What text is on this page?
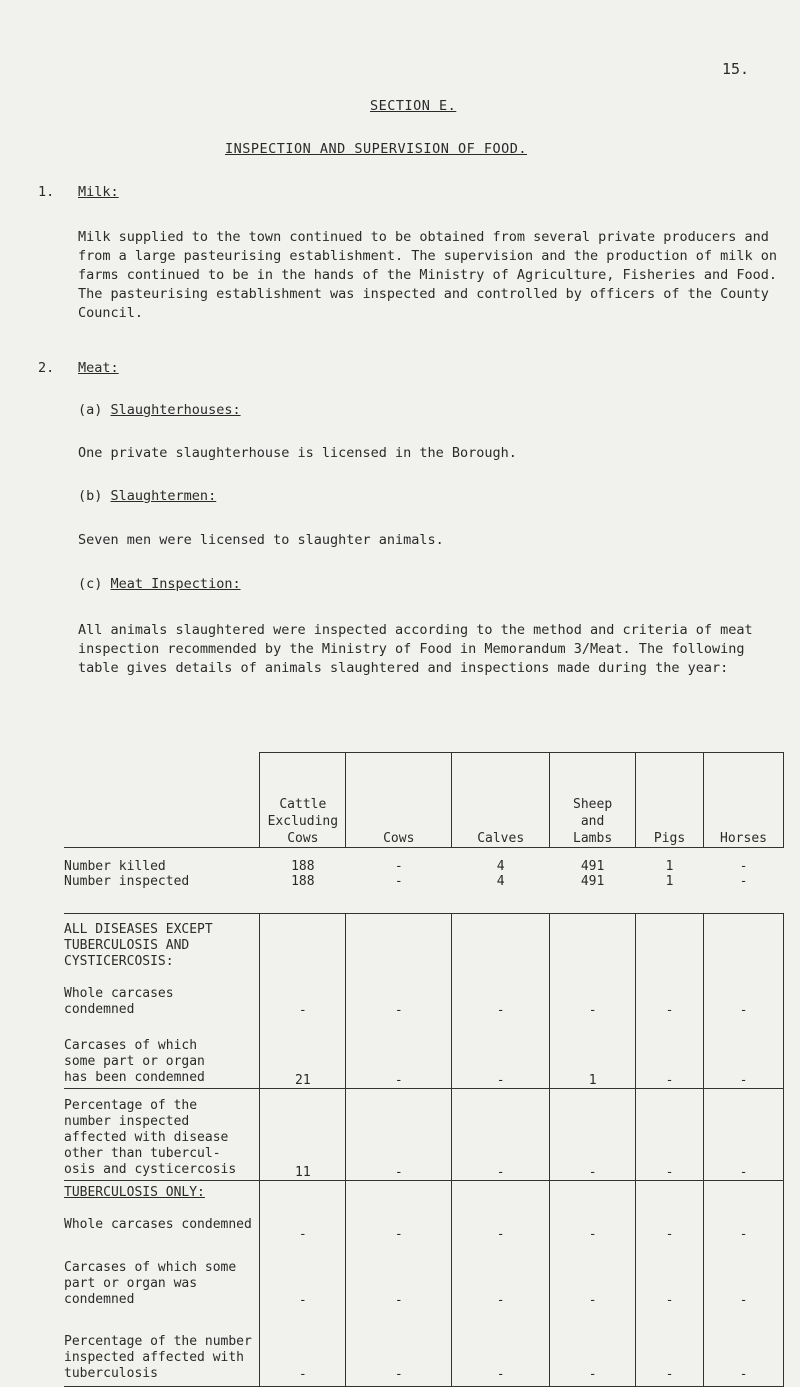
15.
SECTION E.
INSPECTION AND SUPERVISION OF FOOD.
1. Milk:

Milk supplied to the town continued to be obtained from several private producers and from a large pasteurising establishment. The supervision and the production of milk on farms continued to be in the hands of the Ministry of Agriculture, Fisheries and Food. The pasteurising establishment was inspected and controlled by officers of the County Council.

2. Meat:
(a) Slaughterhouses:
One private slaughterhouse is licensed in the Borough.
(b) Slaughtermen:
Seven men were licensed to slaughter animals.
(c) Meat Inspection:

All animals slaughtered were inspected according to the method and criteria of meat inspection recommended by the Ministry of Food in Memorandum 3/Meat. The following table gives details of animals slaughtered and inspections made during the year:

	Cattle
Excluding
Cows	Cows	Calves	Sheep
and
Lambs	Pigs	Horses
Number killed	188	-	4	491	1	-
Number inspected	188	-	4	491	1	-
ALL DISEASES EXCEPT
TUBERCULOSIS AND
CYSTICERCOSIS:

Whole carcases
condemned	-	-	-	-	-	-
Carcases of which
some part or organ
has been condemned	21	-	-	1	-	-
Percentage of the
number inspected
affected with disease
other than tubercul-
osis and cysticercosis	11	-	-	-	-	-
TUBERCULOSIS ONLY:

Whole carcases condemned	-	-	-	-	-	-
Carcases of which some
part or organ was
condemned	-	-	-	-	-	-
Percentage of the number
inspected affected with
tuberculosis	-	-	-	-	-	-
